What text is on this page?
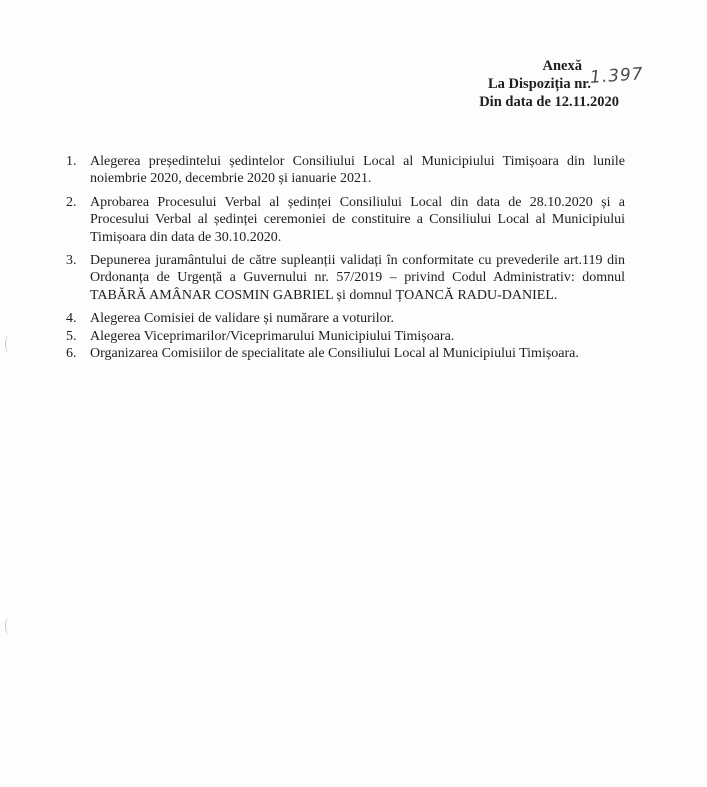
Anexă
La Dispoziția nr.
Din data de 12.11.2020
1.397
1. Alegerea președintelui ședintelor Consiliului Local al Municipiului Timișoara din lunile noiembrie 2020, decembrie 2020 și ianuarie 2021.
2. Aprobarea Procesului Verbal al ședinței Consiliului Local din data de 28.10.2020 și a Procesului Verbal al ședinței ceremoniei de constituire a Consiliului Local al Municipiului Timișoara din data de 30.10.2020.
3. Depunerea juramântului de către supleanții validați în conformitate cu prevederile art.119 din Ordonanța de Urgență a Guvernului nr. 57/2019 – privind Codul Administrativ: domnul TABĂRĂ AMÂNAR COSMIN GABRIEL și domnul ȚOANCĂ RADU-DANIEL.
4. Alegerea Comisiei de validare și numărare a voturilor.
5. Alegerea Viceprimarilor/Viceprimarului Municipiului Timișoara.
6. Organizarea Comisiilor de specialitate ale Consiliului Local al Municipiului Timișoara.
